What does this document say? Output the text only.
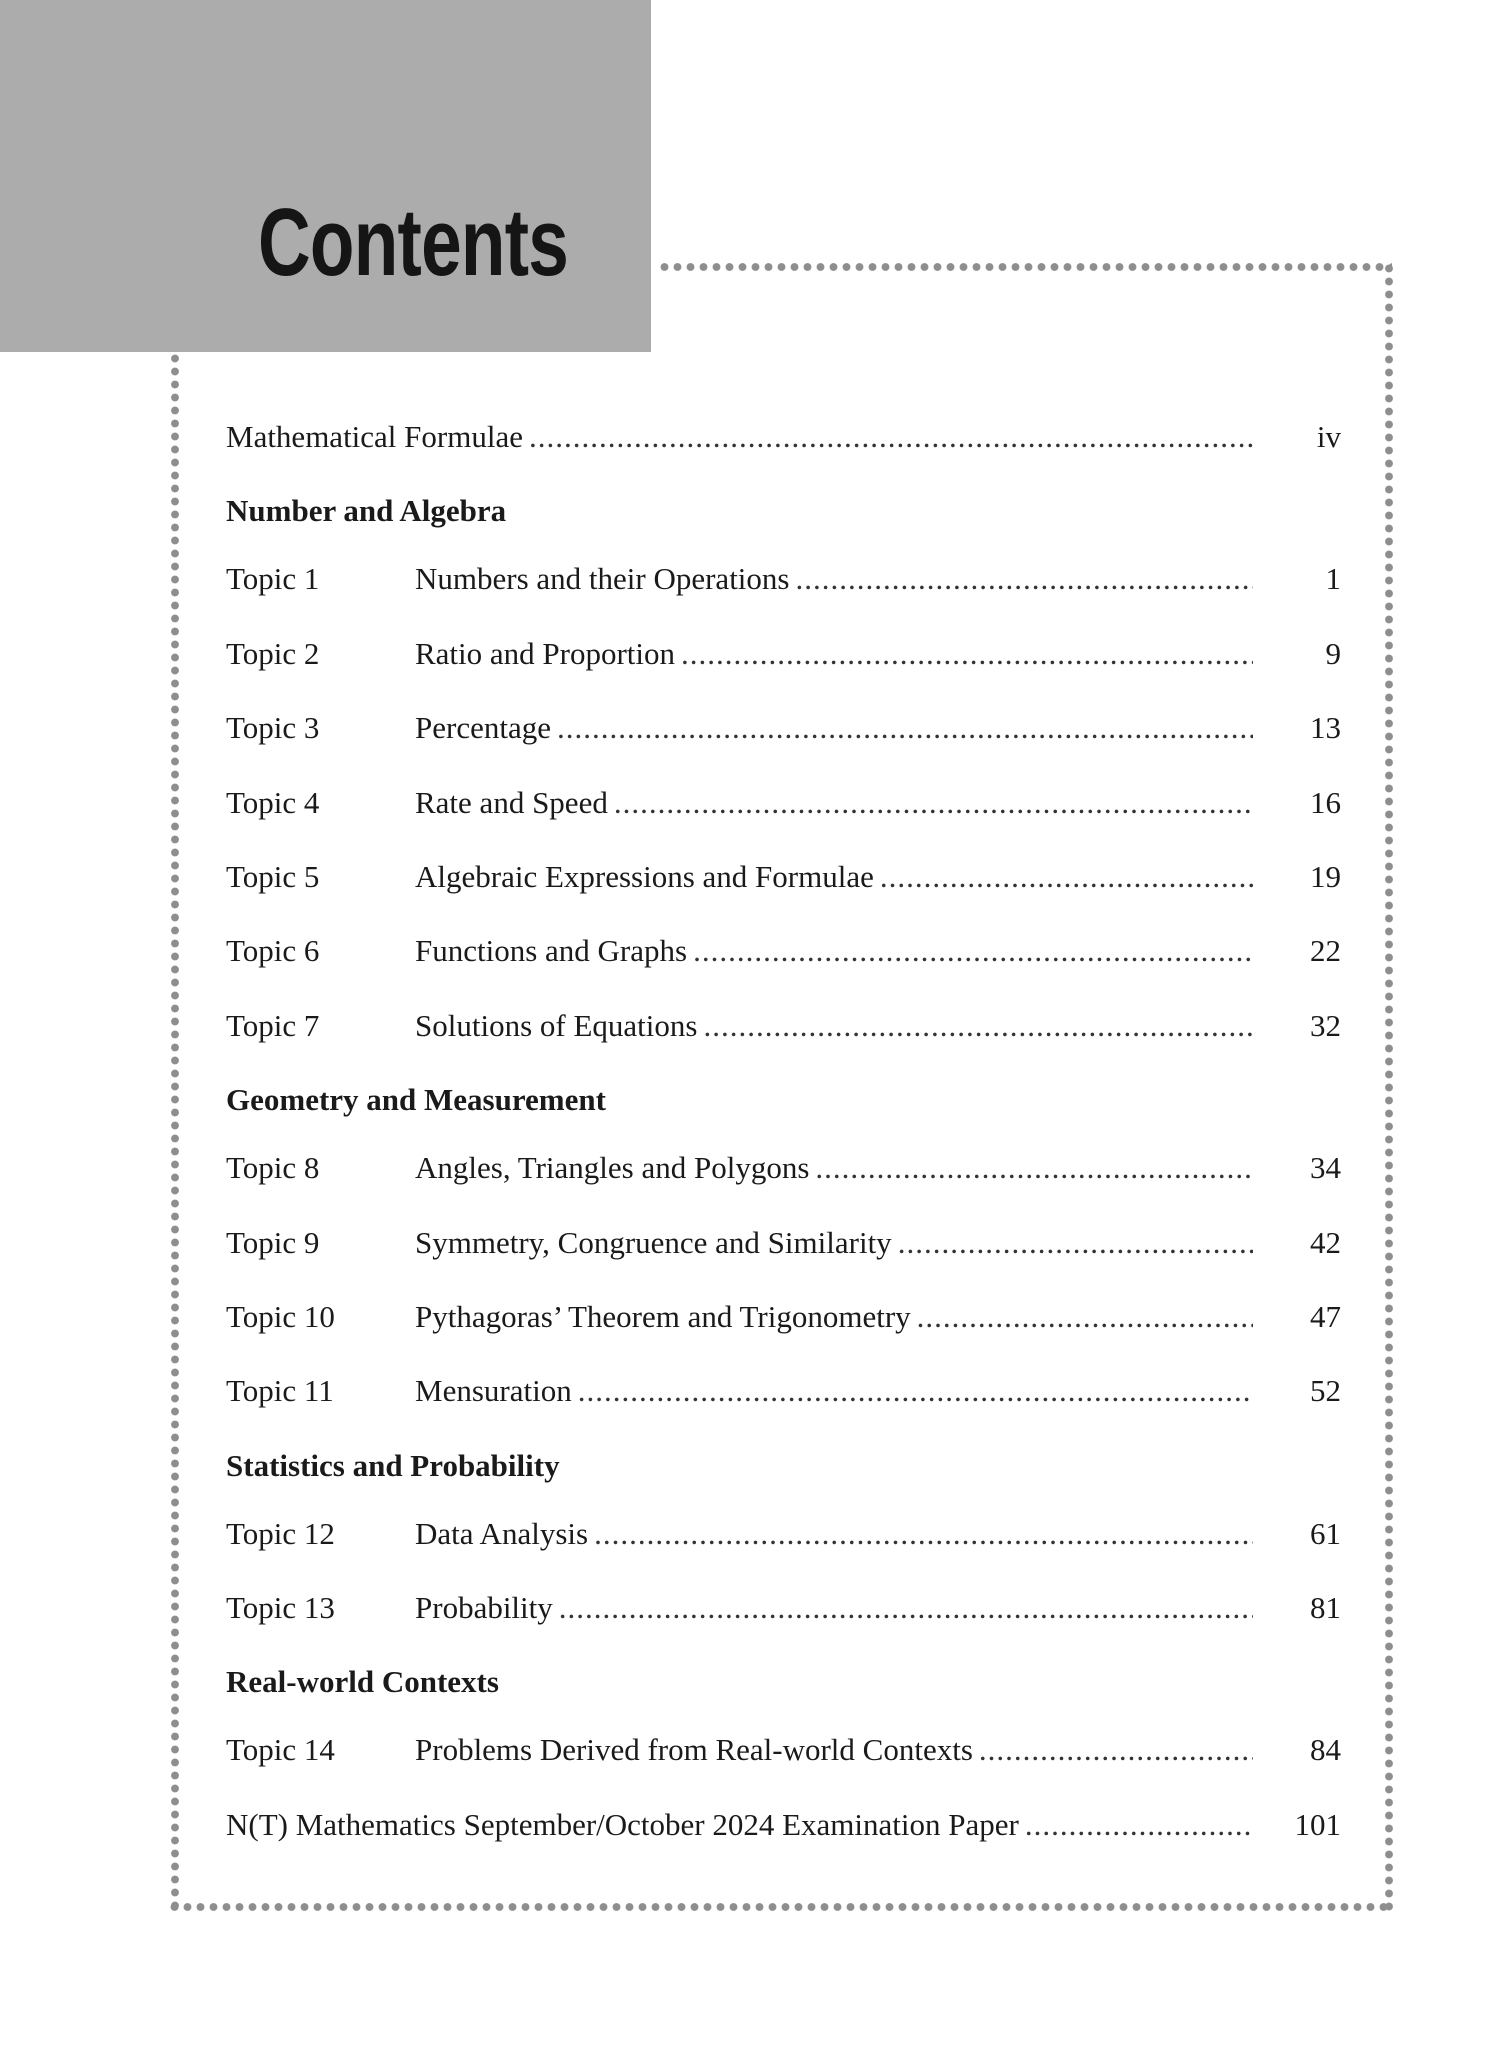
Contents
Mathematical Formulae .....	iv
Number and Algebra
Topic 1	Numbers and their Operations .....	1
Topic 2	Ratio and Proportion .....	9
Topic 3	Percentage .....	13
Topic 4	Rate and Speed .....	16
Topic 5	Algebraic Expressions and Formulae .....	19
Topic 6	Functions and Graphs .....	22
Topic 7	Solutions of Equations .....	32
Geometry and Measurement
Topic 8	Angles, Triangles and Polygons .....	34
Topic 9	Symmetry, Congruence and Similarity .....	42
Topic 10	Pythagoras’ Theorem and Trigonometry .....	47
Topic 11	Mensuration .....	52
Statistics and Probability
Topic 12	Data Analysis .....	61
Topic 13	Probability .....	81
Real-world Contexts
Topic 14	Problems Derived from Real-world Contexts .....	84
N(T) Mathematics September/October 2024 Examination Paper .....	101
